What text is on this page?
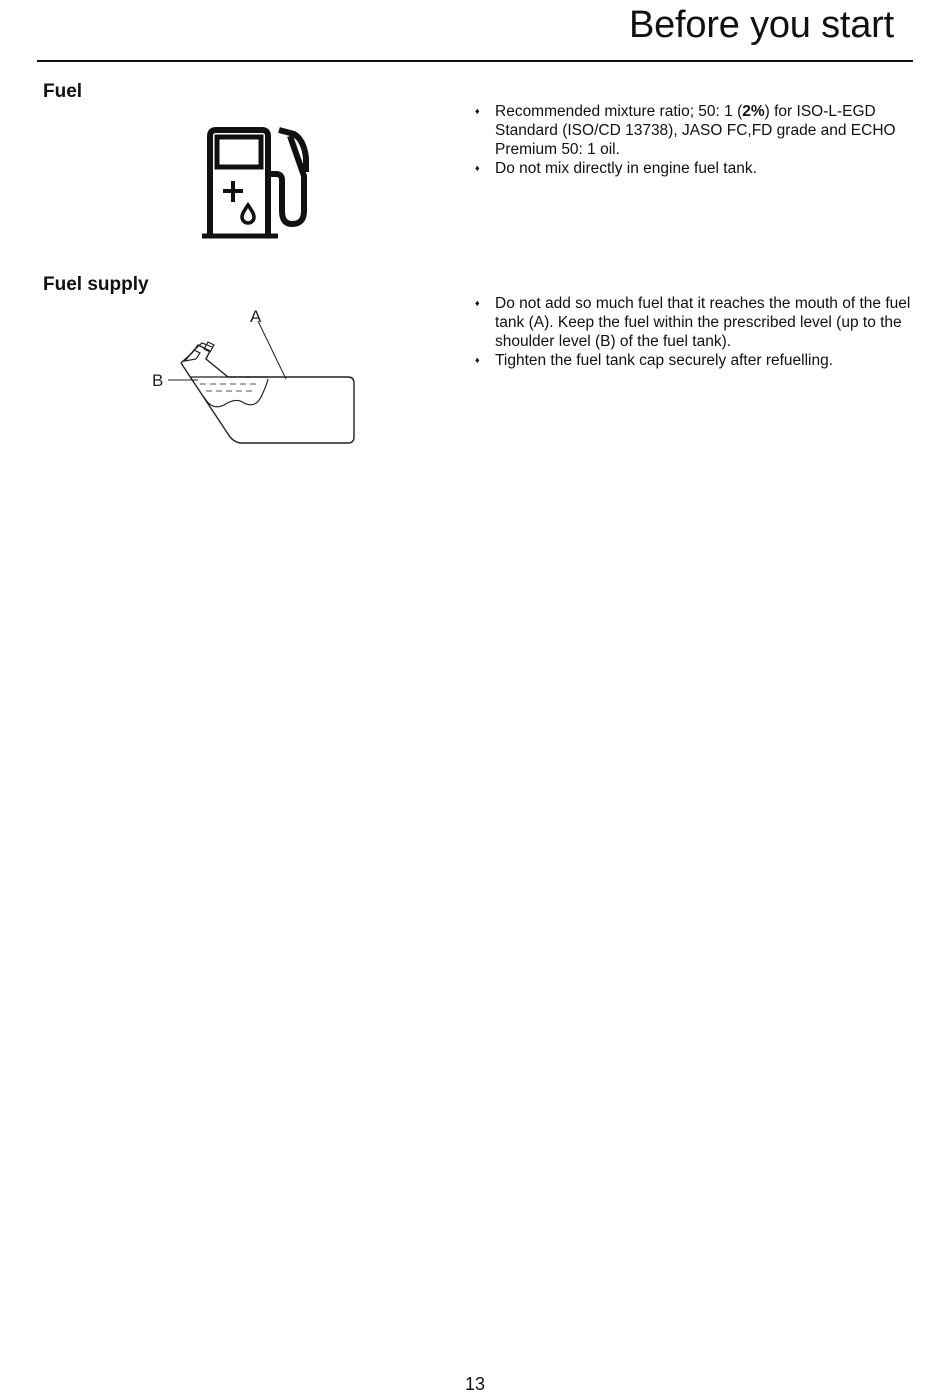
Before you start
Fuel
♦ Recommended mixture ratio; 50: 1 (2%) for ISO-L-EGD Standard (ISO/CD 13738), JASO FC,FD grade and ECHO Premium 50: 1 oil.
♦ Do not mix directly in engine fuel tank.
Fuel supply
A
B
♦ Do not add so much fuel that it reaches the mouth of the fuel tank (A). Keep the fuel within the prescribed level (up to the shoulder level (B) of the fuel tank).
♦ Tighten the fuel tank cap securely after refuelling.
13
